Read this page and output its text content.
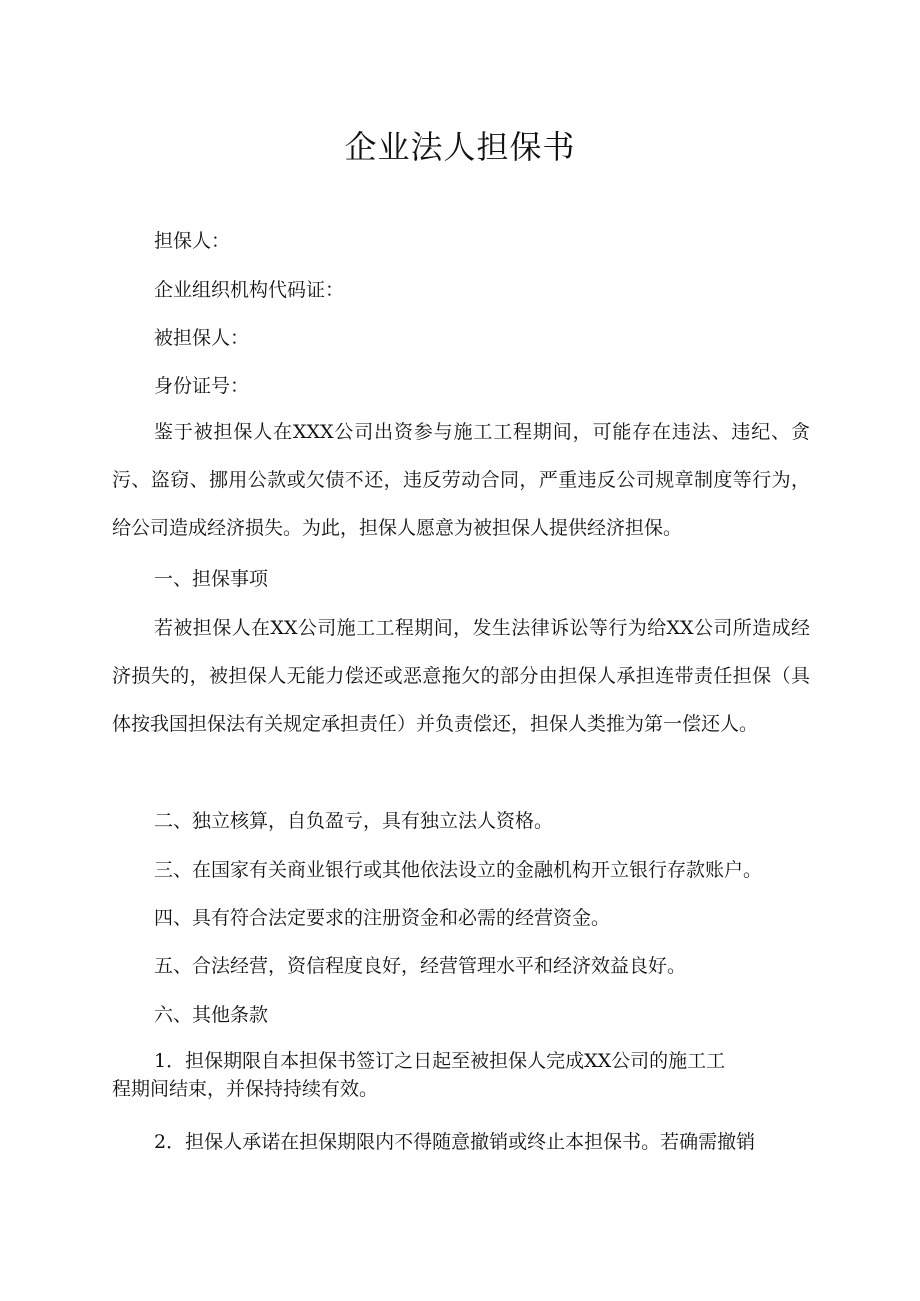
企业法人担保书

担保人：

企业组织机构代码证：

被担保人：

身份证号：

鉴于被担保人在XXX公司出资参与施工工程期间，可能存在违法、违纪、贪污、盗窃、挪用公款或欠债不还，违反劳动合同，严重违反公司规章制度等行为，给公司造成经济损失。为此，担保人愿意为被担保人提供经济担保。

一、担保事项

若被担保人在XX公司施工工程期间，发生法律诉讼等行为给XX公司所造成经济损失的，被担保人无能力偿还或恶意拖欠的部分由担保人承担连带责任担保（具体按我国担保法有关规定承担责任）并负责偿还，担保人类推为第一偿还人。

二、独立核算，自负盈亏，具有独立法人资格。

三、在国家有关商业银行或其他依法设立的金融机构开立银行存款账户。

四、具有符合法定要求的注册资金和必需的经营资金。

五、合法经营，资信程度良好，经营管理水平和经济效益良好。

六、其他条款

1．担保期限自本担保书签订之日起至被担保人完成XX公司的施工工
程期间结束，并保持持续有效。

2．担保人承诺在担保期限内不得随意撤销或终止本担保书。若确需撤销
